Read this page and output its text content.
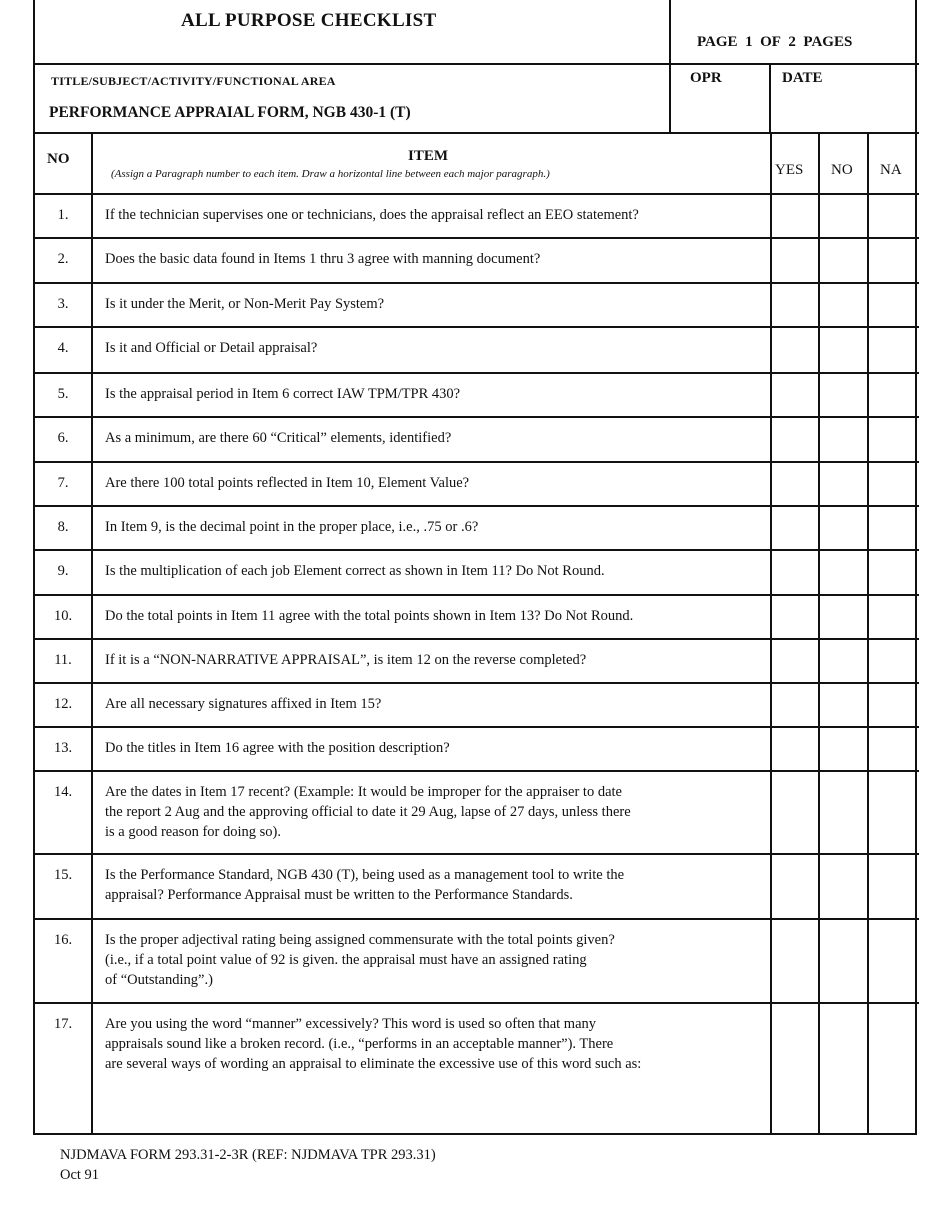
ALL PURPOSE CHECKLIST
PAGE 1 OF 2 PAGES
TITLE/SUBJECT/ACTIVITY/FUNCTIONAL AREA
PERFORMANCE APPRAIAL FORM, NGB 430-1 (T)
OPR	DATE
NO	ITEM
(Assign a Paragraph number to each item. Draw a horizontal line between each major paragraph.)	YES NO NA
1.	If the technician supervises one or technicians, does the appraisal reflect an EEO statement?
2.	Does the basic data found in Items 1 thru 3 agree with manning document?
3.	Is it under the Merit, or Non-Merit Pay System?
4.	Is it and Official or Detail appraisal?
5.	Is the appraisal period in Item 6 correct IAW TPM/TPR 430?
6.	As a minimum, are there 60 “Critical” elements, identified?
7.	Are there 100 total points reflected in Item 10, Element Value?
8.	In Item 9, is the decimal point in the proper place, i.e., .75 or .6?
9.	Is the multiplication of each job Element correct as shown in Item 11? Do Not Round.
10.	Do the total points in Item 11 agree with the total points shown in Item 13? Do Not Round.
11.	If it is a “NON-NARRATIVE APPRAISAL”, is item 12 on the reverse completed?
12.	Are all necessary signatures affixed in Item 15?
13.	Do the titles in Item 16 agree with the position description?
14.	Are the dates in Item 17 recent? (Example: It would be improper for the appraiser to date
the report 2 Aug and the approving official to date it 29 Aug, lapse of 27 days, unless there
is a good reason for doing so).
15.	Is the Performance Standard, NGB 430 (T), being used as a management tool to write the
appraisal? Performance Appraisal must be written to the Performance Standards.
16.	Is the proper adjectival rating being assigned commensurate with the total points given?
(i.e., if a total point value of 92 is given. the appraisal must have an assigned rating
of “Outstanding”.)
17.	Are you using the word “manner” excessively? This word is used so often that many
appraisals sound like a broken record. (i.e., “performs in an acceptable manner”). There
are several ways of wording an appraisal to eliminate the excessive use of this word such as:
NJDMAVA FORM 293.31-2-3R (REF: NJDMAVA TPR 293.31)
Oct 91
